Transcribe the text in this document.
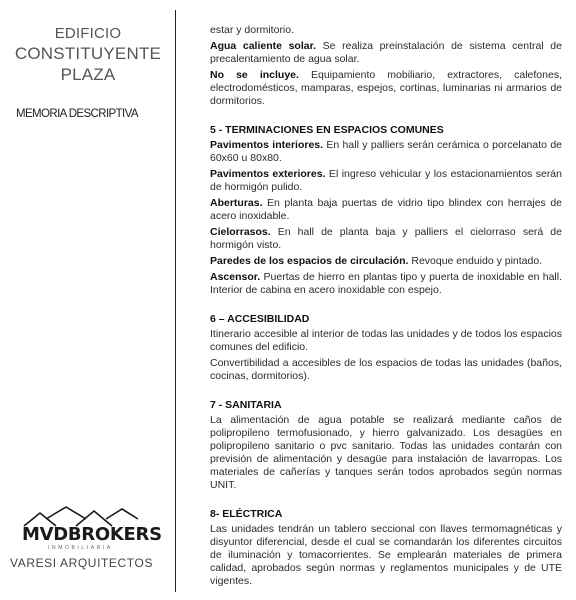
EDIFICIO
CONSTITUYENTE
PLAZA
MEMORIA DESCRIPTIVA
MVDBROKERS
INMOBILIARIA
VARESI ARQUITECTOS

estar y dormitorio.

Agua caliente solar. Se realiza preinstalación de sistema central de precalentamiento de agua solar.

No se incluye. Equipamiento mobiliario, extractores, calefones, electrodomésticos, mamparas, espejos, cortinas, luminarias ni armarios de dormitorios.

5 - TERMINACIONES EN ESPACIOS COMUNES

Pavimentos interiores. En hall y palliers serán cerámica o porcelanato de 60x60 u 80x80.

Pavimentos exteriores. El ingreso vehicular y los estacionamientos serán de hormigón pulido.

Aberturas. En planta baja puertas de vidrio tipo blindex con herrajes de acero inoxidable.

Cielorrasos. En hall de planta baja y palliers el cielorraso será de hormigón visto.

Paredes de los espacios de circulación. Revoque enduido y pintado.

Ascensor. Puertas de hierro en plantas tipo y puerta de inoxidable en hall. Interior de cabina en acero inoxidable con espejo.

6 – ACCESIBILIDAD

Itinerario accesible al interior de todas las unidades y de todos los espacios comunes del edificio.

Convertibilidad a accesibles de los espacios de todas las unidades (baños, cocinas, dormitorios).

7 - SANITARIA

La alimentación de agua potable se realizará mediante caños de polipropileno termofusionado, y hierro galvanizado. Los desagües en polipropileno sanitario o pvc sanitario. Todas las unidades contarán con previsión de alimentación y desagüe para instalación de lavarropas. Los materiales de cañerías y tanques serán todos aprobados según normas UNIT.

8- ELÉCTRICA

Las unidades tendrán un tablero seccional con llaves termomagnéticas y disyuntor diferencial, desde el cual se comandarán los diferentes circuitos de iluminación y tomacorrientes. Se emplearán materiales de primera calidad, aprobados según normas y reglamentos municipales y de UTE vigentes.
